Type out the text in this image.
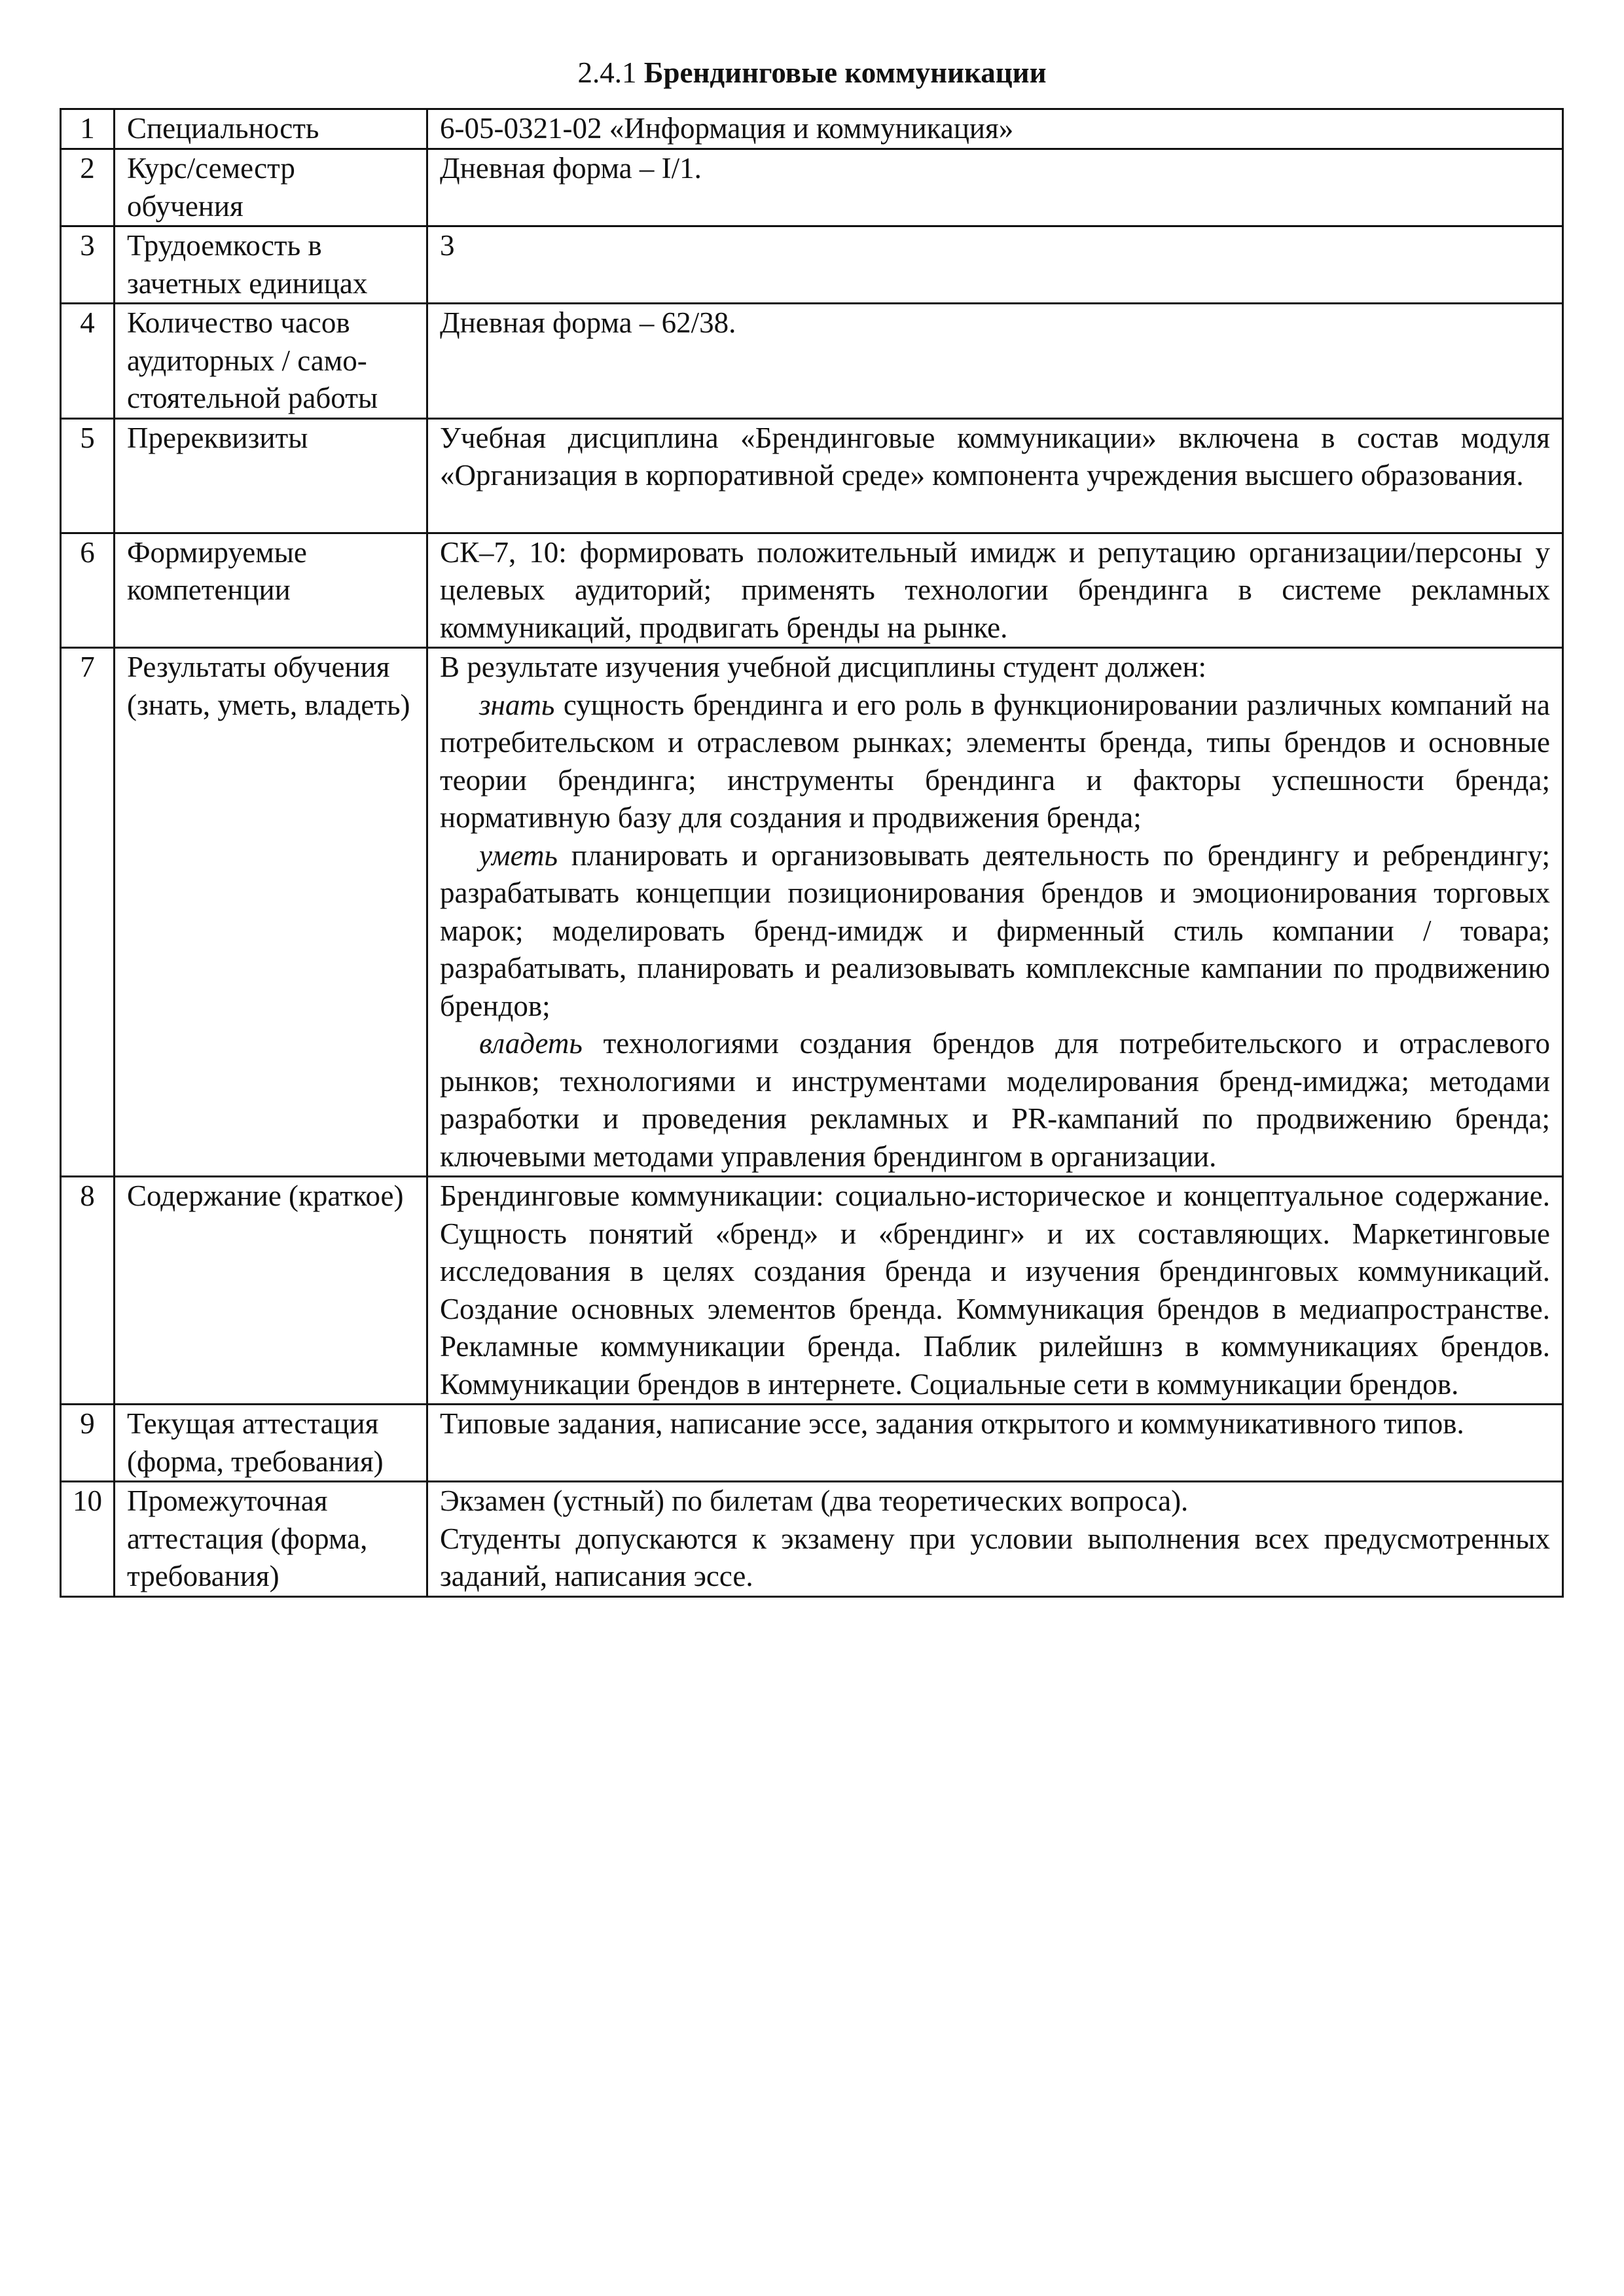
2.4.1 Брендинговые коммуникации
1	Специальность	6-05-0321-02 «Информация и коммуникация»
2	Курс/семестр обучения	Дневная форма – I/1.
3	Трудоемкость в зачетных единицах	3
4	Количество часов аудиторных / само-стоятельной работы	Дневная форма – 62/38.
5	Пререквизиты	Учебная дисциплина «Брендинговые коммуникации» включена в состав модуля «Организация в корпоративной среде» компонента учреждения высшего образования.
6	Формируемые компетенции	СК–7, 10: формировать положительный имидж и репутацию организации/персоны у целевых аудиторий; применять технологии брендинга в системе рекламных коммуникаций, продвигать бренды на рынке.
7	Результаты обучения (знать, уметь, владеть)	В результате изучения учебной дисциплины студент должен:

знать сущность брендинга и его роль в функционировании различных компаний на потребительском и отраслевом рынках; элементы бренда, типы брендов и основные теории брендинга; инструменты брендинга и факторы успешности бренда; нормативную базу для создания и продвижения бренда;

уметь планировать и организовывать деятельность по брендингу и ребрендингу; разрабатывать концепции позиционирования брендов и эмоционирования торговых марок; моделировать бренд-имидж и фирменный стиль компании / товара; разрабатывать, планировать и реализовывать комплексные кампании по продвижению брендов;

владеть технологиями создания брендов для потребительского и отраслевого рынков; технологиями и инструментами моделирования бренд-имиджа; методами разработки и проведения рекламных и PR-кампаний по продвижению бренда; ключевыми методами управления брендингом в организации.

8	Содержание (краткое)	Брендинговые коммуникации: социально-историческое и концептуальное содержание. Сущность понятий «бренд» и «брендинг» и их составляющих. Маркетинговые исследования в целях создания бренда и изучения брендинговых коммуникаций. Создание основных элементов бренда. Коммуникация брендов в медиапространстве. Рекламные коммуникации бренда. Паблик рилейшнз в коммуникациях брендов. Коммуникации брендов в интернете. Социальные сети в коммуникации брендов.
9	Текущая аттестация (форма, требования)	Типовые задания, написание эссе, задания открытого и коммуникативного типов.
10	Промежуточная аттестация (форма, требования)	Экзамен (устный) по билетам (два теоретических вопроса).

Студенты допускаются к экзамену при условии выполнения всех предусмотренных заданий, написания эссе.
